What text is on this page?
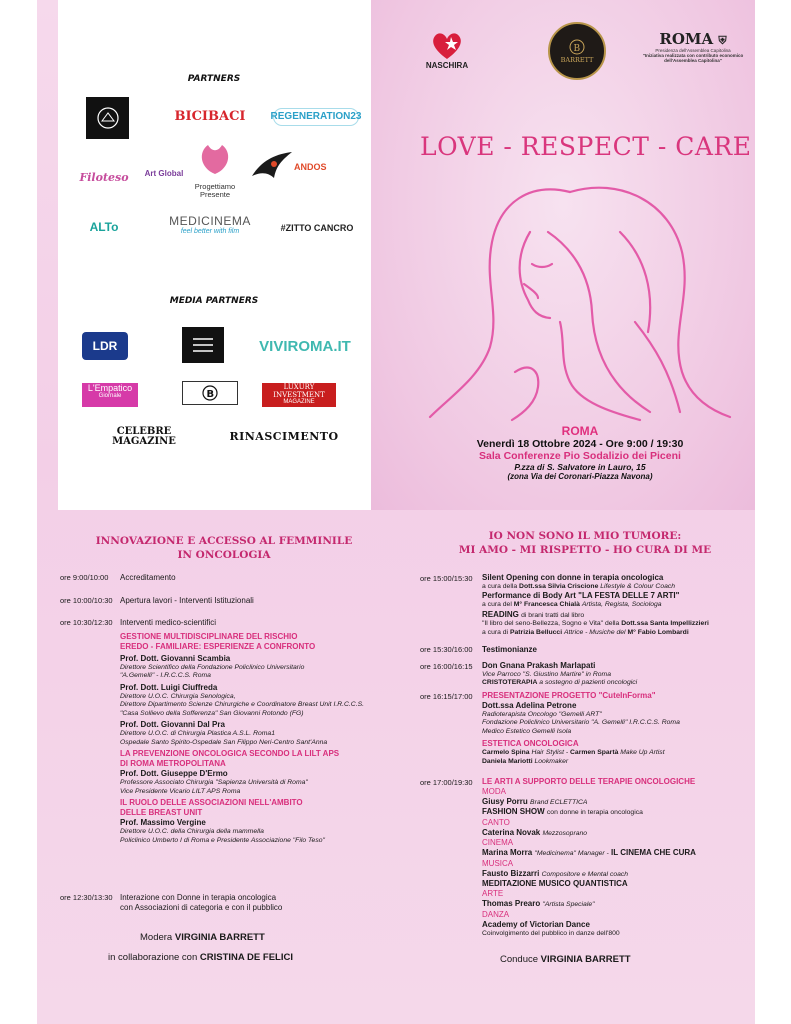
PARTNERS
BICIBACI	REGENERATION23
Filoteso	Art Global
Progettiamo Presente
ANDOS
ALTo	MEDICINEMA
feel better with film	#ZITTO CANCRO
MEDIA PARTNERS
LDR	VIVIROMA.IT
L'Empatico
Giornale	B
LUXURY INVESTMENT
MAGAZINE
CELEBRE MAGAZINE	RINASCIMENTO
NASCHIRA
B
BARRETT
ROMA ⛨
Presidenza dell'Assemblea Capitolina
"Iniziativa realizzata con contributo economico dell'Assemblea Capitolina"
LOVE - RESPECT - CARE
ROMA
Venerdì 18 Ottobre 2024 - Ore 9:00 / 19:30
Sala Conferenze Pio Sodalizio dei Piceni
P.zza di S. Salvatore in Lauro, 15
(zona Via dei Coronari-Piazza Navona)
INNOVAZIONE E ACCESSO AL FEMMINILE
IN ONCOLOGIA
ore 9:00/10:00 Accreditamento
ore 10:00/10:30 Apertura lavori - Interventi Istituzionali
ore 10:30/12:30 Interventi medico-scientifici
GESTIONE MULTIDISCIPLINARE DEL RISCHIO
EREDO - FAMILIARE: ESPERIENZE A CONFRONTO
Prof. Dott. Giovanni Scambia
Direttore Scientifico della Fondazione Policlinico Universitario
"A.Gemelli" - I.R.C.C.S. Roma
Prof. Dott. Luigi Ciuffreda
Direttore U.O.C. Chirurgia Senologica,
Direttore Dipartimento Scienze Chirurgiche e Coordinatore Breast Unit I.R.C.C.S.
"Casa Sollievo della Sofferenza" San Giovanni Rotondo (FG)
Prof. Dott. Giovanni Dal Pra
Direttore U.O.C. di Chirurgia Plastica A.S.L. Roma1
Ospedale Santo Spirito-Ospedale San Filippo Neri-Centro Sant'Anna
LA PREVENZIONE ONCOLOGICA SECONDO LA LILT APS
DI ROMA METROPOLITANA
Prof. Dott. Giuseppe D'Ermo
Professore Associato Chirurgia "Sapienza Università di Roma"
Vice Presidente Vicario LILT APS Roma
IL RUOLO DELLE ASSOCIAZIONI NELL'AMBITO
DELLE BREAST UNIT
Prof. Massimo Vergine
Direttore U.O.C. della Chirurgia della mammella
Policlinico Umberto I di Roma e Presidente Associazione "Filo Teso"
ore 12:30/13:30 Interazione con Donne in terapia oncologica
con Associazioni di categoria e con il pubblico
Modera VIRGINIA BARRETT
in collaborazione con CRISTINA DE FELICI
IO NON SONO IL MIO TUMORE:
MI AMO - MI RISPETTO - HO CURA DI ME
ore 15:00/15:30 Silent Opening con donne in terapia oncologica
a cura della Dott.ssa Silvia Criscione Lifestyle & Colour Coach
Performance di Body Art "LA FESTA DELLE 7 ARTI"
a cura del M° Francesca Chialà Artista, Regista, Sociologa
READING di brani tratti dal libro
"Il libro del seno-Bellezza, Sogno e Vita" della Dott.ssa Santa Impellizzieri
a cura di Patrizia Bellucci Attrice - Musiche del M° Fabio Lombardi
ore 15:30/16:00 Testimonianze
ore 16:00/16:15 Don Gnana Prakash Marlapati
Vice Parroco "S. Giustino Martire" in Roma
CRISTOTERAPIA a sostegno di pazienti oncologici
ore 16:15/17:00 PRESENTAZIONE PROGETTO "CuteInForma"
Dott.ssa Adelina Petrone
Radioterapista Oncologo "Gemelli ART"
Fondazione Policlinico Universitario "A. Gemelli" I.R.C.C.S. Roma
Medico Estetico Gemelli Isola
ESTETICA ONCOLOGICA
Carmelo Spina Hair Stylist - Carmen Spartà Make Up Artist
Daniela Mariotti Lookmaker
ore 17:00/19:30 LE ARTI A SUPPORTO DELLE TERAPIE ONCOLOGICHE
MODA
Giusy Porru Brand ECLETTICA
FASHION SHOW con donne in terapia oncologica
CANTO
Caterina Novak Mezzosoprano
CINEMA
Marina Morra "Medicinema" Manager - IL CINEMA CHE CURA
MUSICA
Fausto Bizzarri Compositore e Mental coach
MEDITAZIONE MUSICO QUANTISTICA
ARTE
Thomas Prearo "Artista Speciale"
DANZA
Academy of Victorian Dance
Coinvolgimento del pubblico in danze dell'800
Conduce VIRGINIA BARRETT
